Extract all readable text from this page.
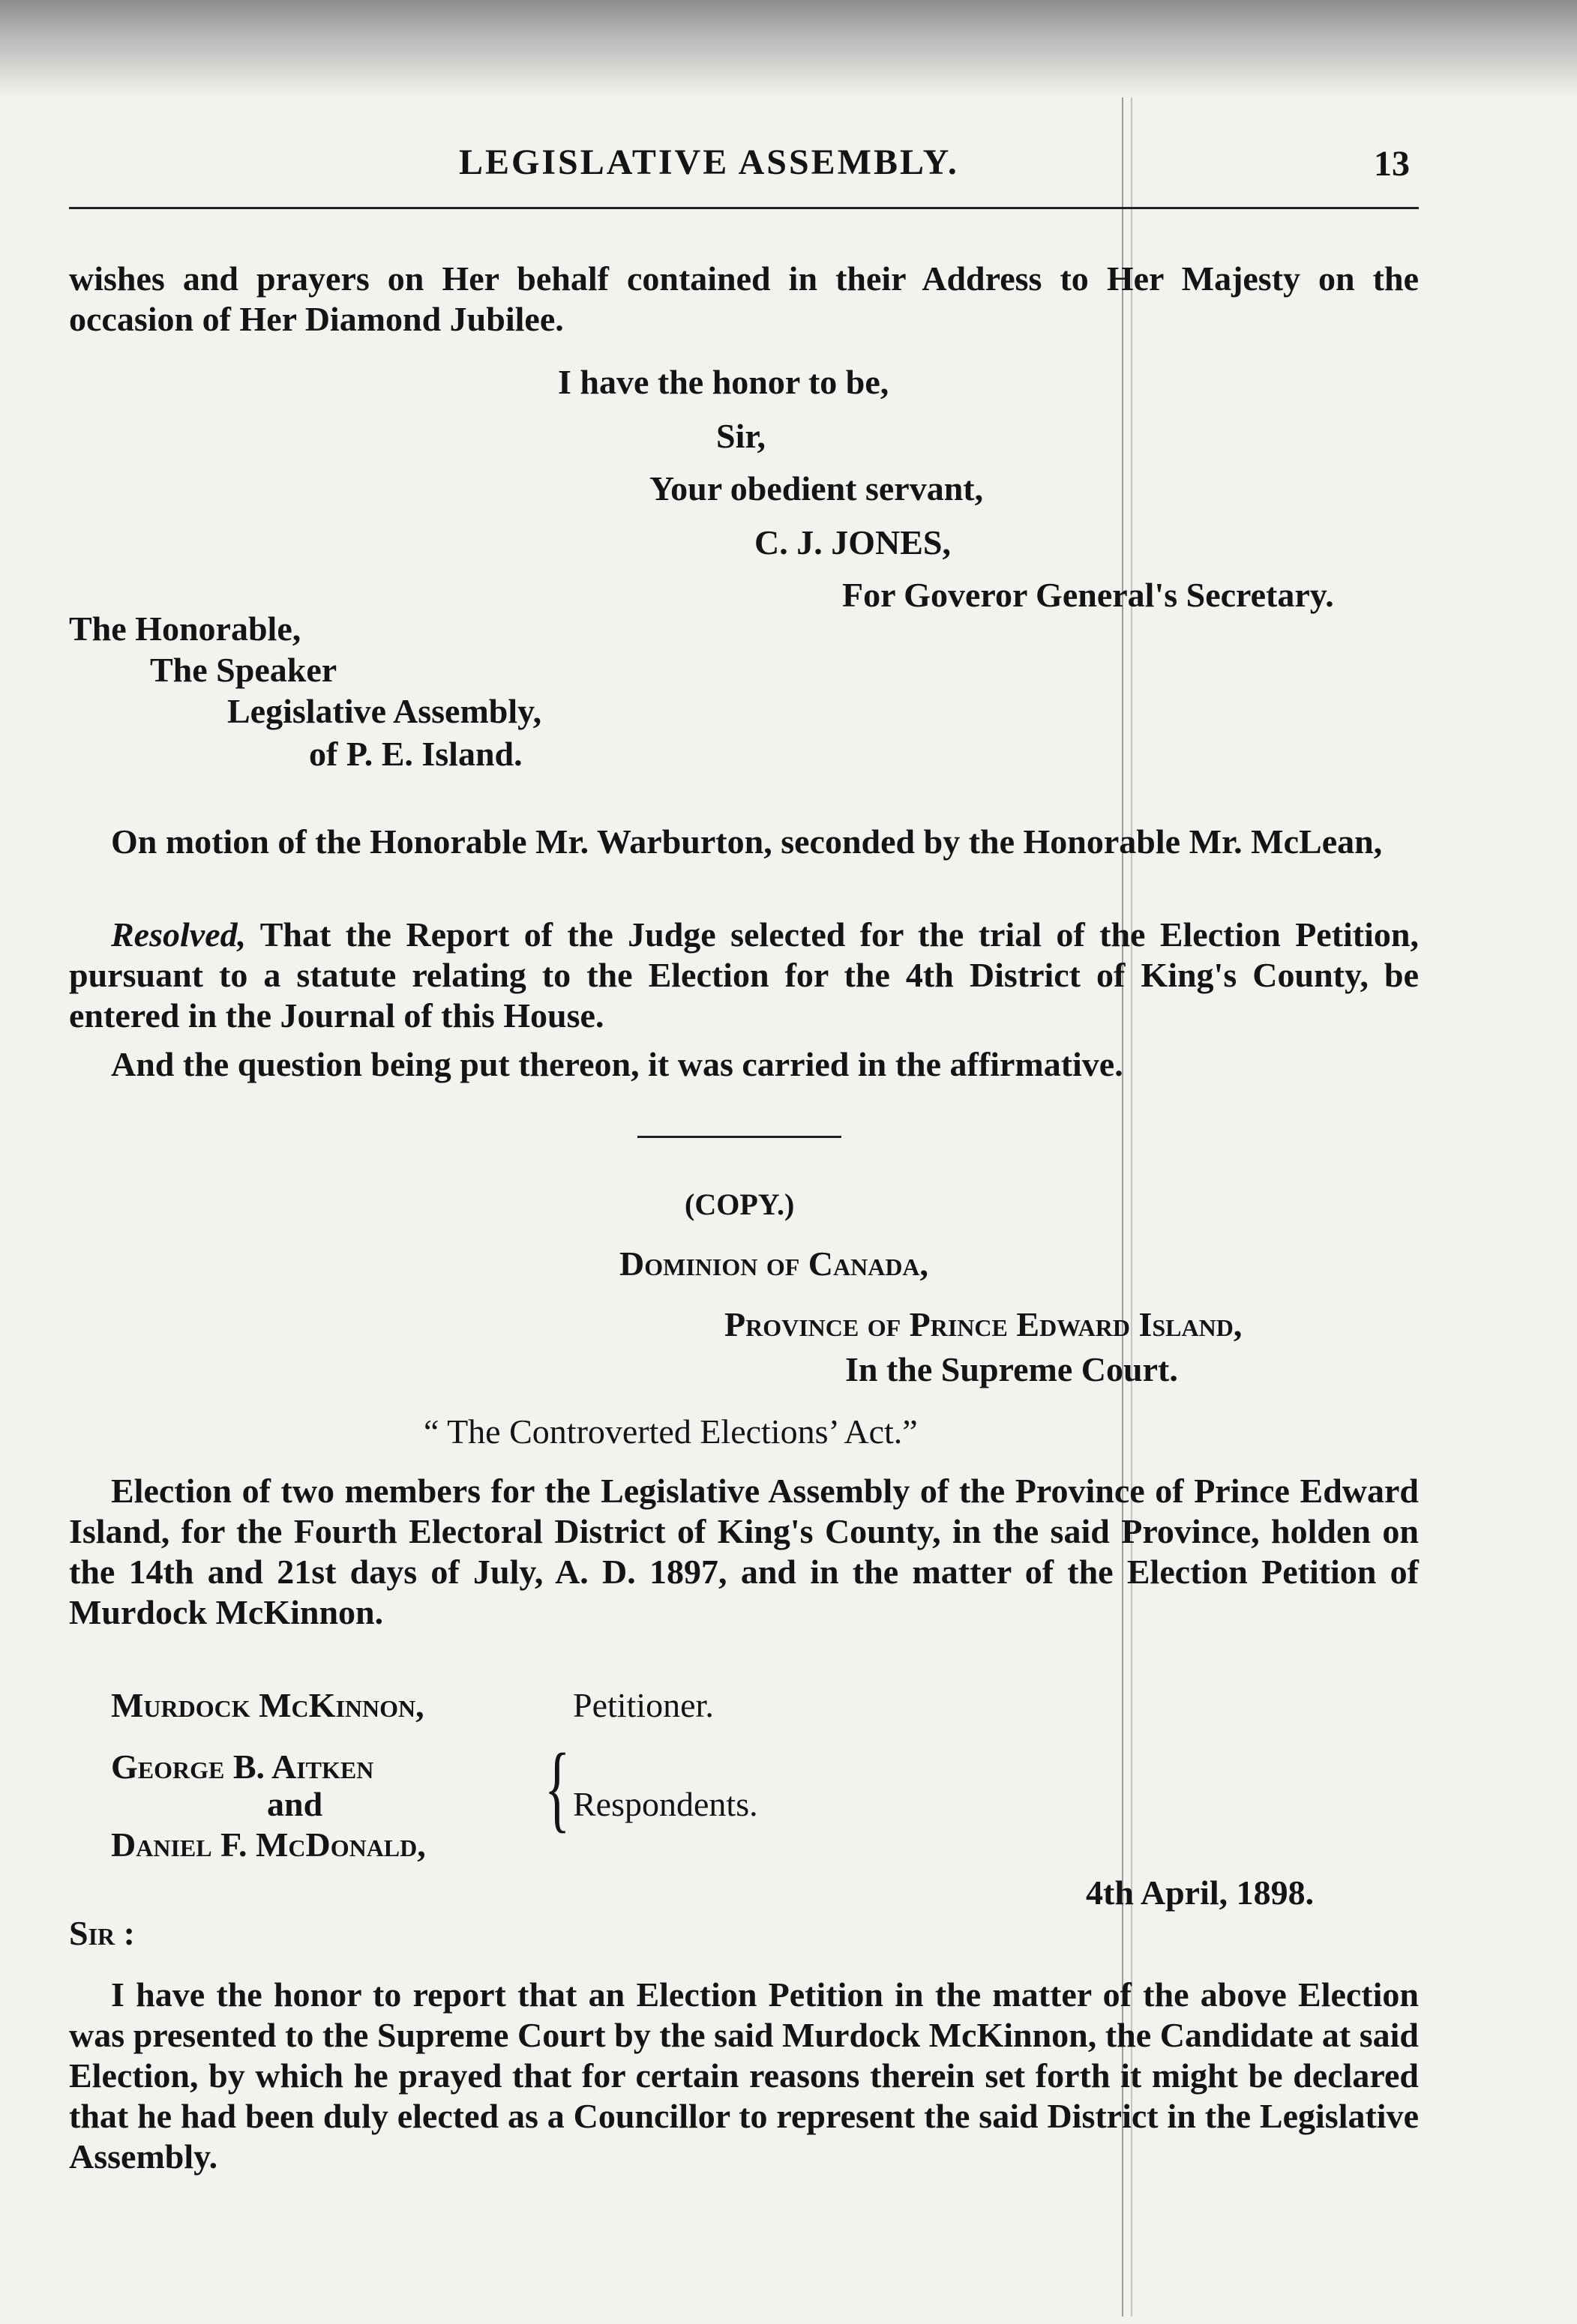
LEGISLATIVE ASSEMBLY.	13
wishes and prayers on Her behalf contained in their Address to Her Majesty on the occasion of Her Diamond Jubilee.
I have the honor to be,
Sir,
Your obedient servant,
C. J. JONES,
For Goveror General's Secretary.
The Honorable,
The Speaker
Legislative Assembly,
of P. E. Island.
On motion of the Honorable Mr. Warburton, seconded by the Honorable Mr. McLean,
Resolved, That the Report of the Judge selected for the trial of the Election Petition, pursuant to a statute relating to the Election for the 4th District of King's County, be entered in the Journal of this House.
And the question being put thereon, it was carried in the affirmative.
(COPY.)
Dominion of Canada,
Province of Prince Edward Island,
In the Supreme Court.
“ The Controverted Elections’ Act.”
Election of two members for the Legislative Assembly of the Province of Prince Edward Island, for the Fourth Electoral District of King's County, in the said Province, holden on the 14th and 21st days of July, A. D. 1897, and in the matter of the Election Petition of Murdock McKinnon.
Murdock McKinnon,	Petitioner.
George B. Aitken
and
Daniel F. McDonald,
{ Respondents.
4th April, 1898.
Sir :
I have the honor to report that an Election Petition in the matter of the above Election was presented to the Supreme Court by the said Murdock McKinnon, the Candidate at said Election, by which he prayed that for certain reasons therein set forth it might be declared that he had been duly elected as a Councillor to represent the said District in the Legislative Assembly.
